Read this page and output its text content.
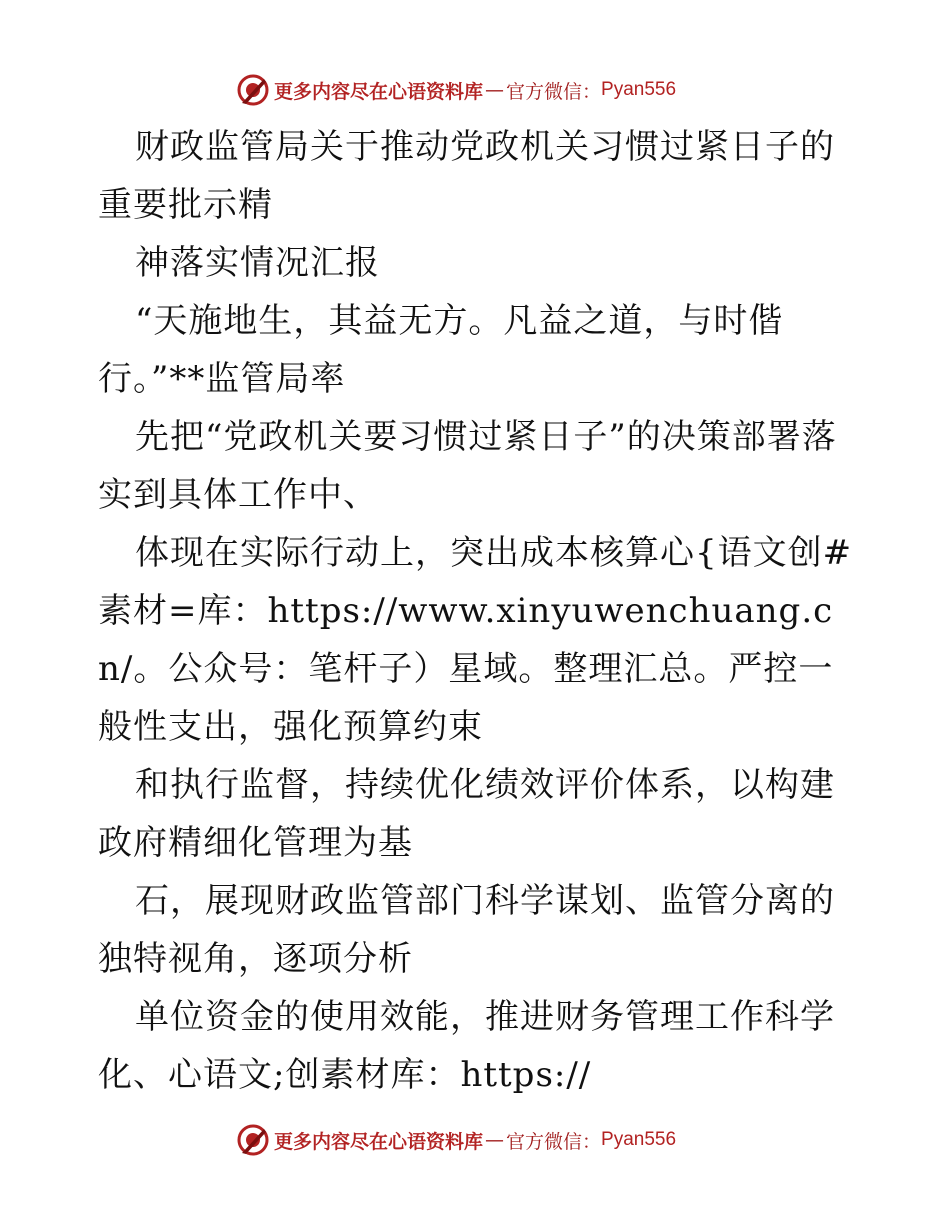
更多内容尽在心语资料库 — 官方微信： Pyan556

财政监管局关于推动党政机关习惯过紧日子的重要批示精

神落实情况汇报

“天施地生，其益无方。凡益之道，与时偕行。”**监管局率

先把“党政机关要习惯过紧日子”的决策部署落实到具体工作中、

体现在实际行动上，突出成本核算心{语文创#素材=库：https://www.xinyuwenchuang.cn/。公众号：笔杆子）星域。整理汇总。严控一般性支出，强化预算约束

和执行监督，持续优化绩效评价体系，以构建政府精细化管理为基

石，展现财政监管部门科学谋划、监管分离的独特视角，逐项分析

单位资金的使用效能，推进财务管理工作科学化、心语文;创素材库：https://

更多内容尽在心语资料库 — 官方微信： Pyan556
